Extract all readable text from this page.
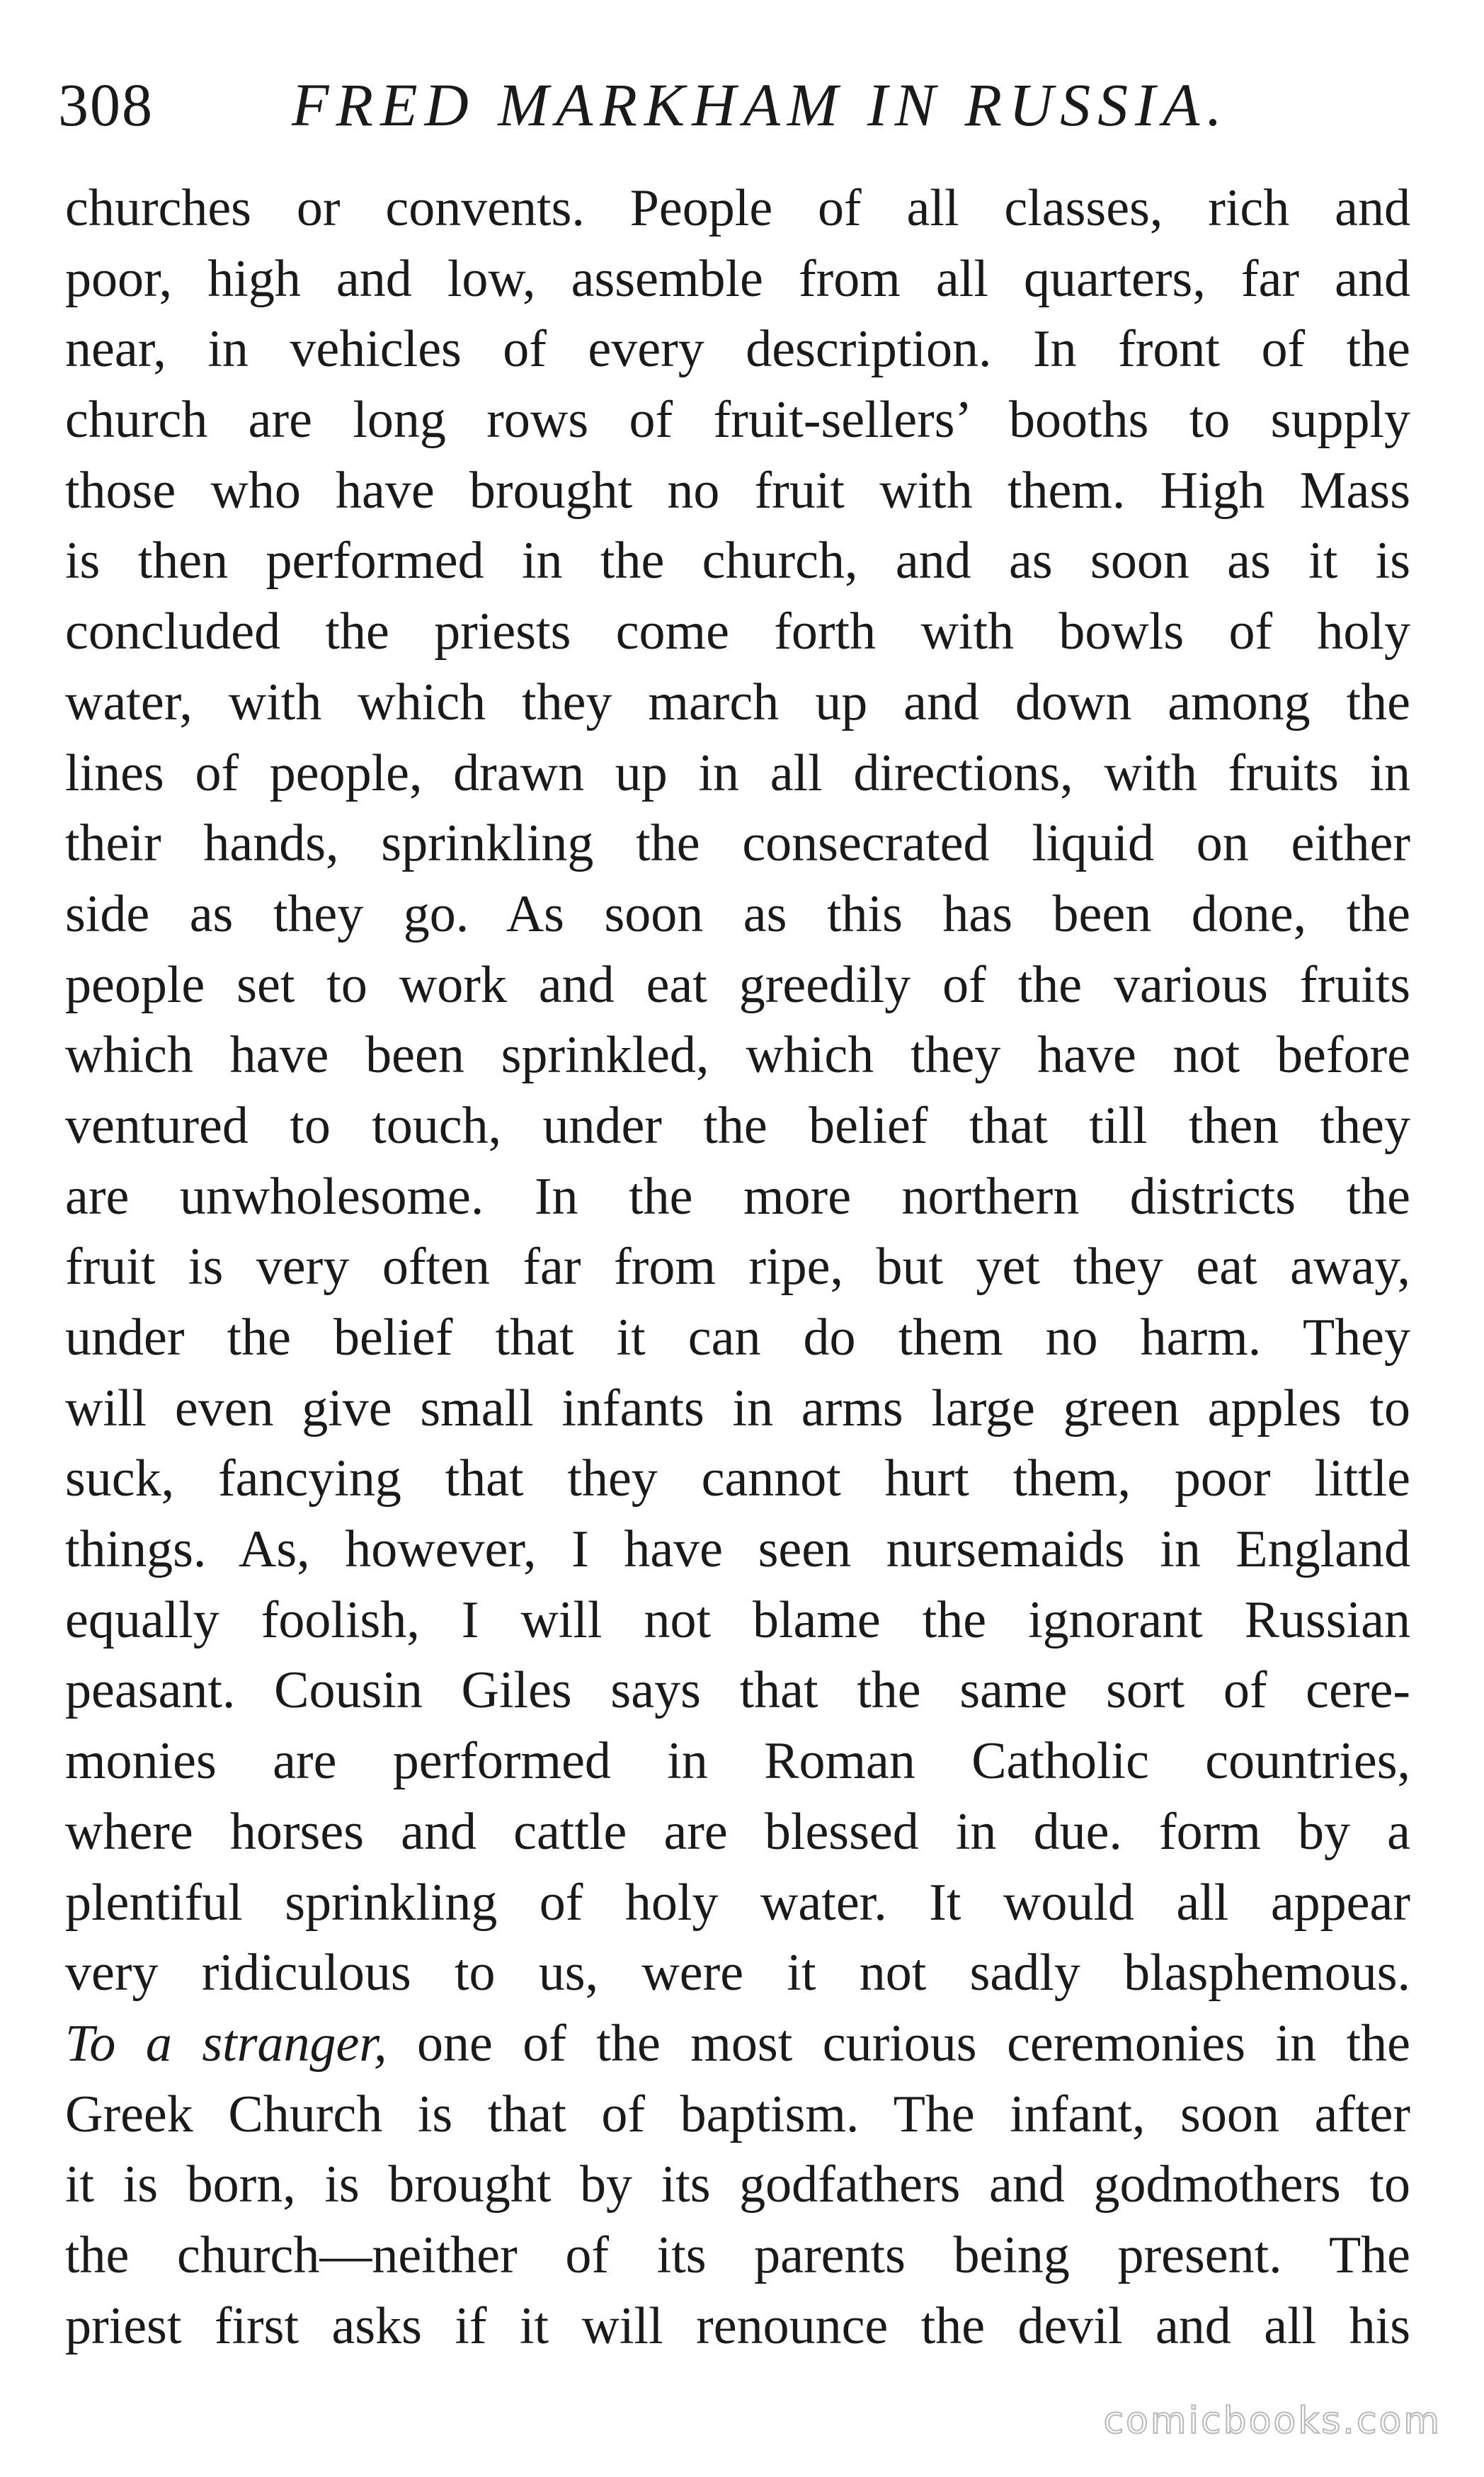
308 FRED MARKHAM IN RUSSIA.
churches or convents. People of all classes, rich and
poor, high and low, assemble from all quarters, far and
near, in vehicles of every description. In front of the
church are long rows of fruit-sellers’ booths to supply
those who have brought no fruit with them. High Mass
is then performed in the church, and as soon as it is
concluded the priests come forth with bowls of holy
water, with which they march up and down among the
lines of people, drawn up in all directions, with fruits in
their hands, sprinkling the consecrated liquid on either
side as they go. As soon as this has been done, the
people set to work and eat greedily of the various fruits
which have been sprinkled, which they have not before
ventured to touch, under the belief that till then they
are unwholesome. In the more northern districts the
fruit is very often far from ripe, but yet they eat away,
under the belief that it can do them no harm. They
will even give small infants in arms large green apples to
suck, fancying that they cannot hurt them, poor little
things. As, however, I have seen nursemaids in England
equally foolish, I will not blame the ignorant Russian
peasant. Cousin Giles says that the same sort of cere-
monies are performed in Roman Catholic countries,
where horses and cattle are blessed in due. form by a
plentiful sprinkling of holy water. It would all appear
very ridiculous to us, were it not sadly blasphemous.
To a stranger, one of the most curious ceremonies in the
Greek Church is that of baptism. The infant, soon after
it is born, is brought by its godfathers and godmothers to
the church—neither of its parents being present. The
priest first asks if it will renounce the devil and all his
comicbooks.com
